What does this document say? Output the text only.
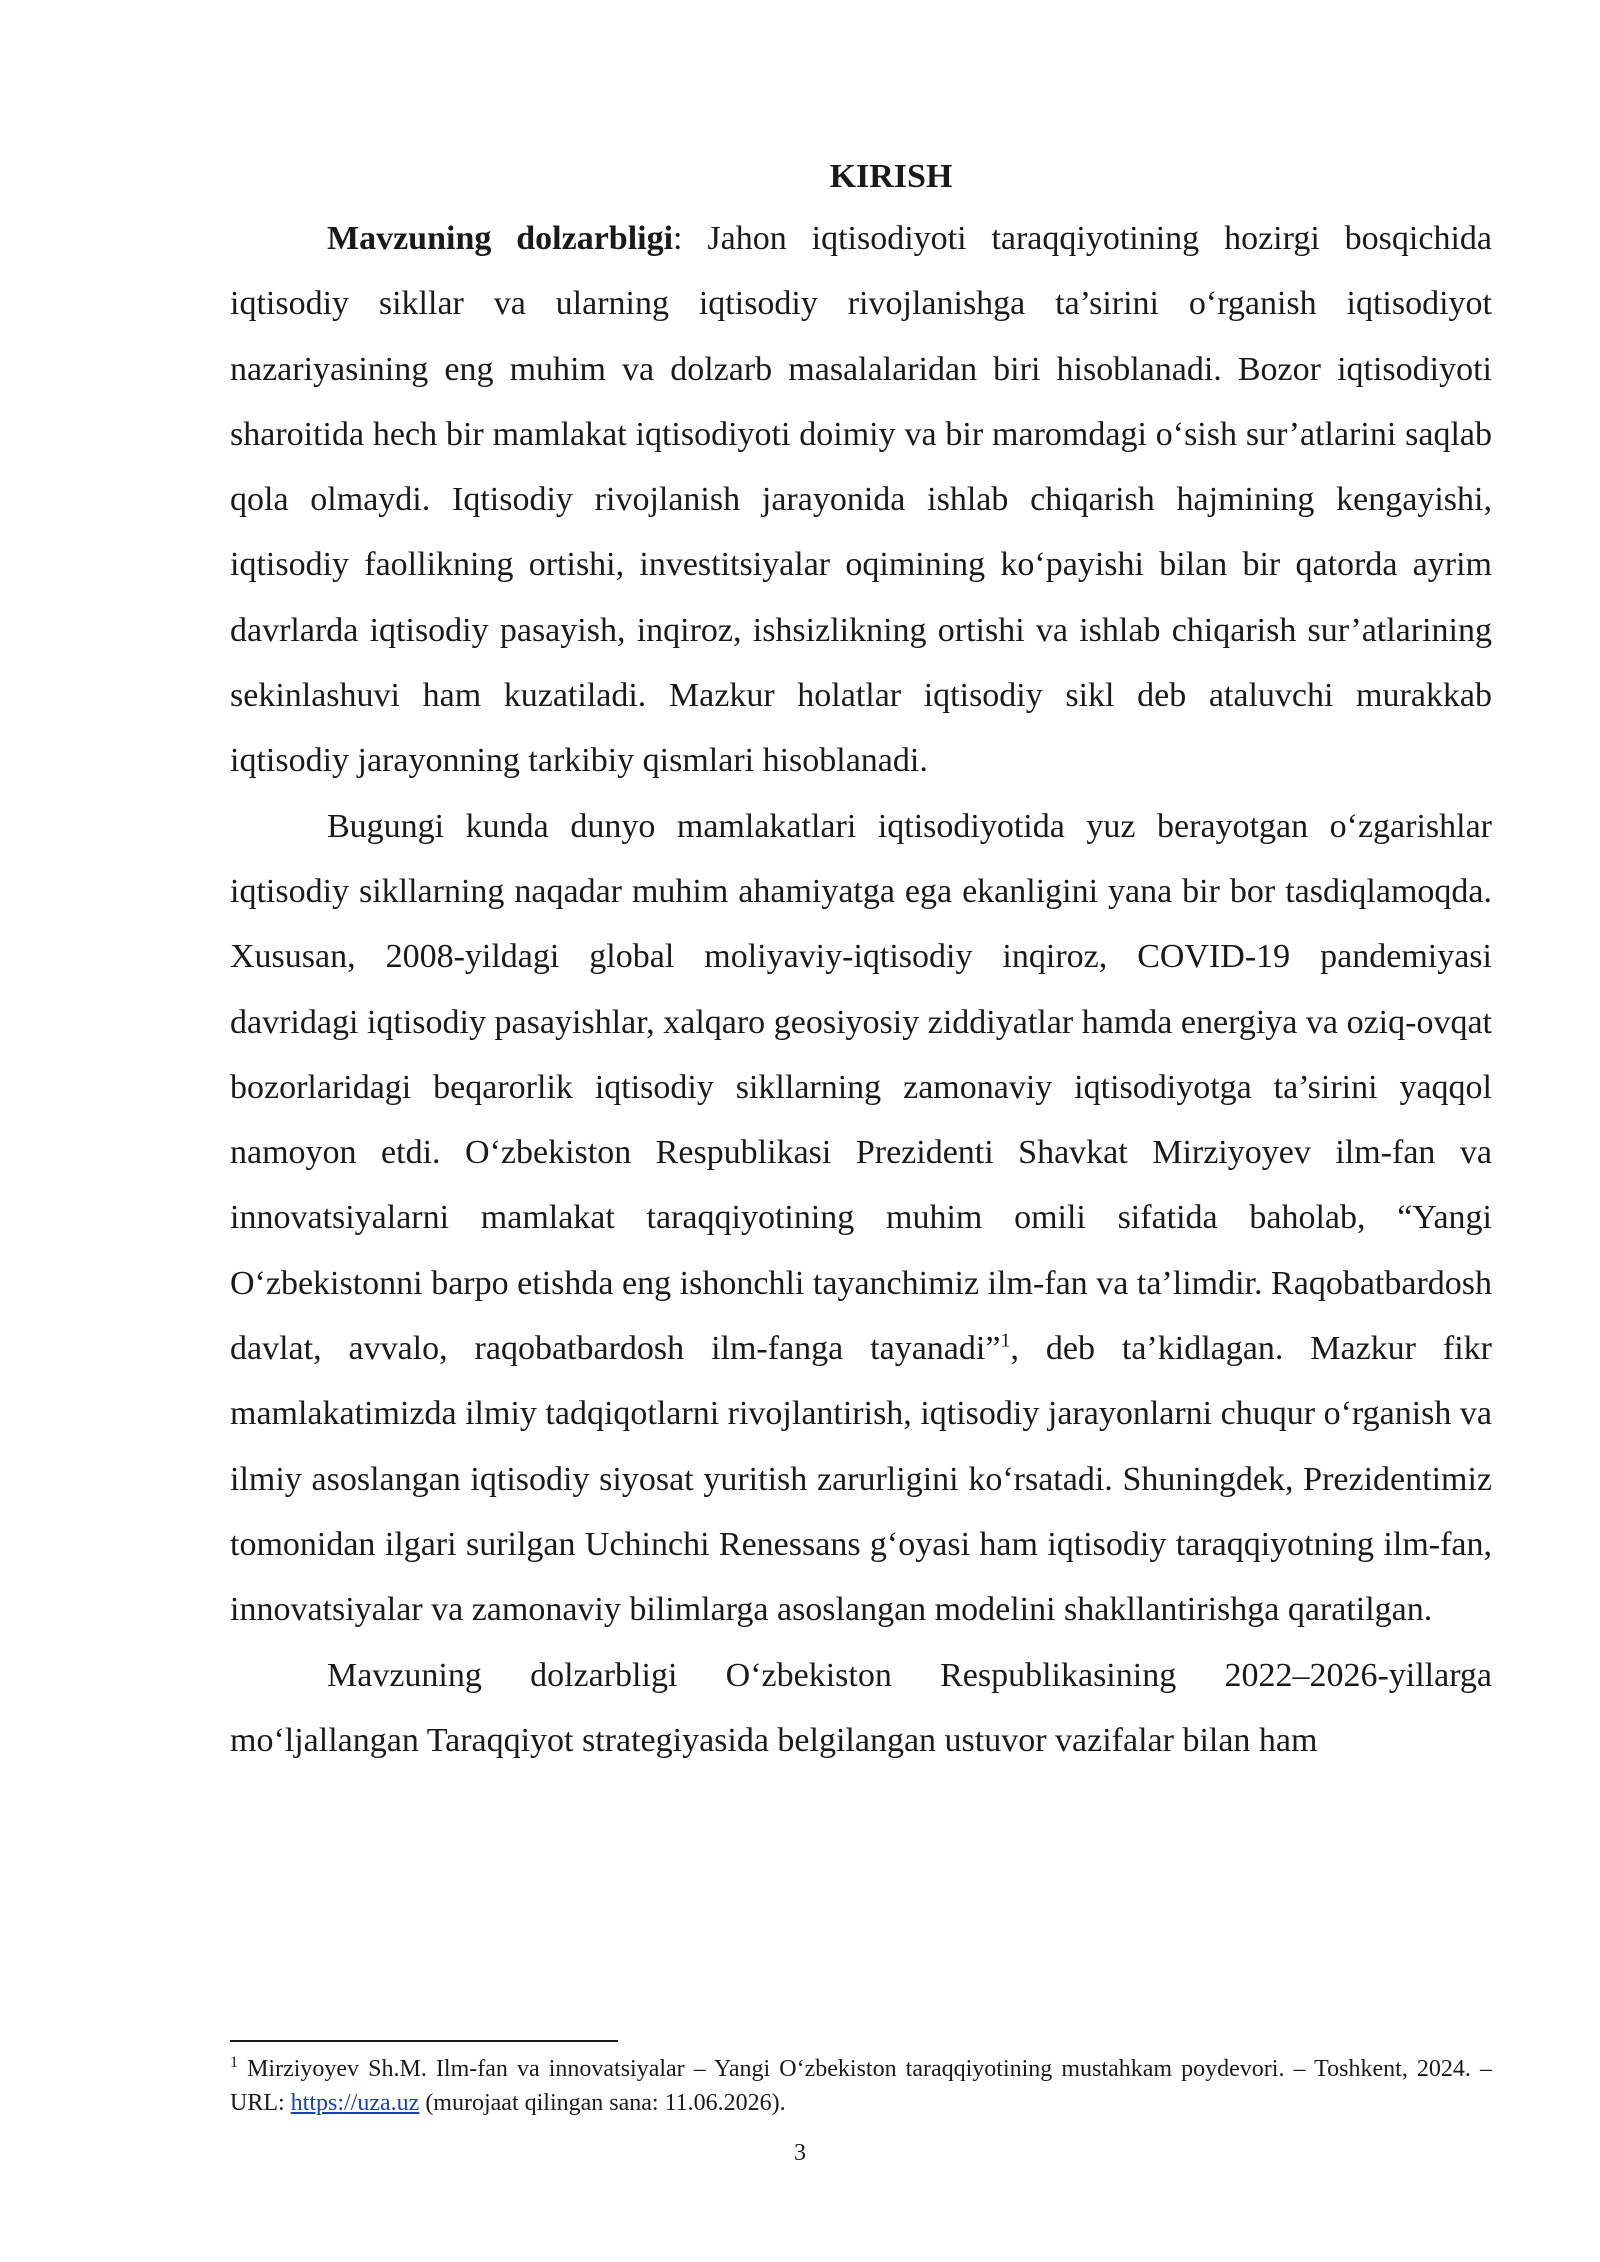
KIRISH

Mavzuning dolzarbligi: Jahon iqtisodiyoti taraqqiyotining hozirgi bosqichida iqtisodiy sikllar va ularning iqtisodiy rivojlanishga ta’sirini o‘rganish iqtisodiyot nazariyasining eng muhim va dolzarb masalalaridan biri hisoblanadi. Bozor iqtisodiyoti sharoitida hech bir mamlakat iqtisodiyoti doimiy va bir maromdagi o‘sish sur’atlarini saqlab qola olmaydi. Iqtisodiy rivojlanish jarayonida ishlab chiqarish hajmining kengayishi, iqtisodiy faollikning ortishi, investitsiyalar oqimining ko‘payishi bilan bir qatorda ayrim davrlarda iqtisodiy pasayish, inqiroz, ishsizlikning ortishi va ishlab chiqarish sur’atlarining sekinlashuvi ham kuzatiladi. Mazkur holatlar iqtisodiy sikl deb ataluvchi murakkab iqtisodiy jarayonning tarkibiy qismlari hisoblanadi.

Bugungi kunda dunyo mamlakatlari iqtisodiyotida yuz berayotgan o‘zgarishlar iqtisodiy sikllarning naqadar muhim ahamiyatga ega ekanligini yana bir bor tasdiqlamoqda. Xususan, 2008-yildagi global moliyaviy-iqtisodiy inqiroz, COVID-19 pandemiyasi davridagi iqtisodiy pasayishlar, xalqaro geosiyosiy ziddiyatlar hamda energiya va oziq-ovqat bozorlaridagi beqarorlik iqtisodiy sikllarning zamonaviy iqtisodiyotga ta’sirini yaqqol namoyon etdi. O‘zbekiston Respublikasi Prezidenti Shavkat Mirziyoyev ilm-fan va innovatsiyalarni mamlakat taraqqiyotining muhim omili sifatida baholab, “Yangi O‘zbekistonni barpo etishda eng ishonchli tayanchimiz ilm-fan va ta’limdir. Raqobatbardosh davlat, avvalo, raqobatbardosh ilm-fanga tayanadi”$^1$, deb ta’kidlagan. Mazkur fikr mamlakatimizda ilmiy tadqiqotlarni rivojlantirish, iqtisodiy jarayonlarni chuqur o‘rganish va ilmiy asoslangan iqtisodiy siyosat yuritish zarurligini ko‘rsatadi. Shuningdek, Prezidentimiz tomonidan ilgari surilgan Uchinchi Renessans g‘oyasi ham iqtisodiy taraqqiyotning ilm-fan, innovatsiyalar va zamonaviy bilimlarga asoslangan modelini shakllantirishga qaratilgan.

Mavzuning dolzarbligi O‘zbekiston Respublikasining 2022–2026-yillarga mo‘ljallangan Taraqqiyot strategiyasida belgilangan ustuvor vazifalar bilan ham

$^1$ Mirziyoyev Sh.M. Ilm-fan va innovatsiyalar – Yangi O‘zbekiston taraqqiyotining mustahkam poydevori. – Toshkent, 2024. – URL: https://uza.uz (murojaat qilingan sana: 11.06.2026).

3
